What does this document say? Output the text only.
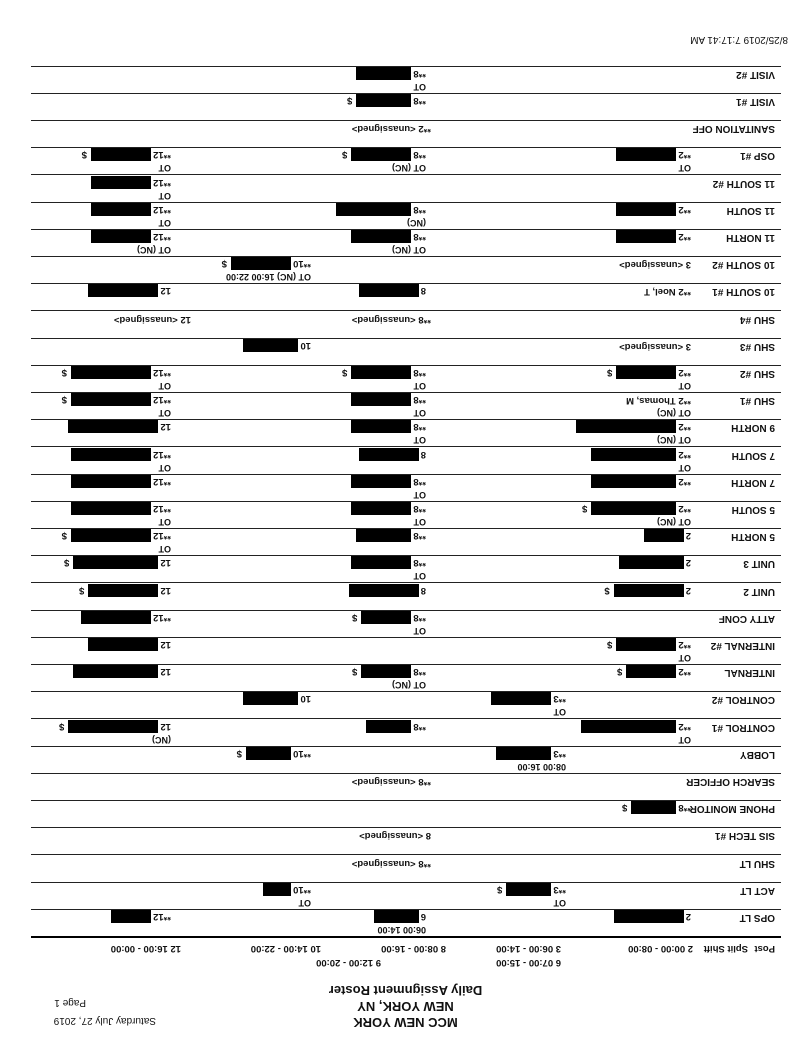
MCC NEW YORK
NEW YORK, NY
Daily Assignment Roster
Saturday July 27, 2019
Page 1
6 07:00 - 15:00
9 12:00 - 20:00
Post
Split Shift
2 00:00 - 08:00
3 06:00 - 14:00
8 08:00 - 16:00
10 14:00 - 22:00
12 16:00 - 00:00
OPS LT
2
6
06:00 14:00
**12
ACT LT
**3$
OT
**10
OT
SHU LT
**8 <unassigned>
SIS TECH #1
8 <unassigned>
PHONE MONITOR
**8$
SEARCH OFFICER
**8 <unassigned>
LOBBY
**3
08:00 16:00
**10$
CONTROL #1
**2
OT
**8
12$
(NC)
CONTROL #2
**3
OT
10
INTERNAL
**2$
**8$
OT (NC)
12
INTERNAL #2
**2$
OT
12
ATTY CONF
**8$
OT
**12
UNIT 2
2$
8
12$
UNIT 3
2
**8
OT
12$
5 NORTH
2
**8
**12$
OT
5 SOUTH
**2$
OT (NC)
**8
OT
**12
OT
7 NORTH
**2
**8
OT
**12
7 SOUTH
**2
OT
8
**12
OT
9 NORTH
**2
OT (NC)
**8
OT
12
SHU #1
**2 Thomas, M
OT (NC)
**8
OT
**12$
OT
SHU #2
**2$
OT
**8$
OT
**12$
OT
SHU #3
3 <unassigned>
10
SHU #4
**8 <unassigned>
12 <unassigned>
10 SOUTH #1
**2 Noel, T
8
12
10 SOUTH #2
3 <unassigned>
**10$
OT (NC) 16:00 22:00
11 NORTH
**2
**8
OT (NC)
**12
OT (NC)
11 SOUTH
**2
**8
(NC)
**12
OT
11 SOUTH #2
**12
OT
OSP #1
**2
OT
**8$
OT (NC)
**12$
OT
SANITATION OFF
**2 <unassigned>
VISIT #1
**8$
VISIT #2
**8
OT
8/25/2019 7:17:41 AM
